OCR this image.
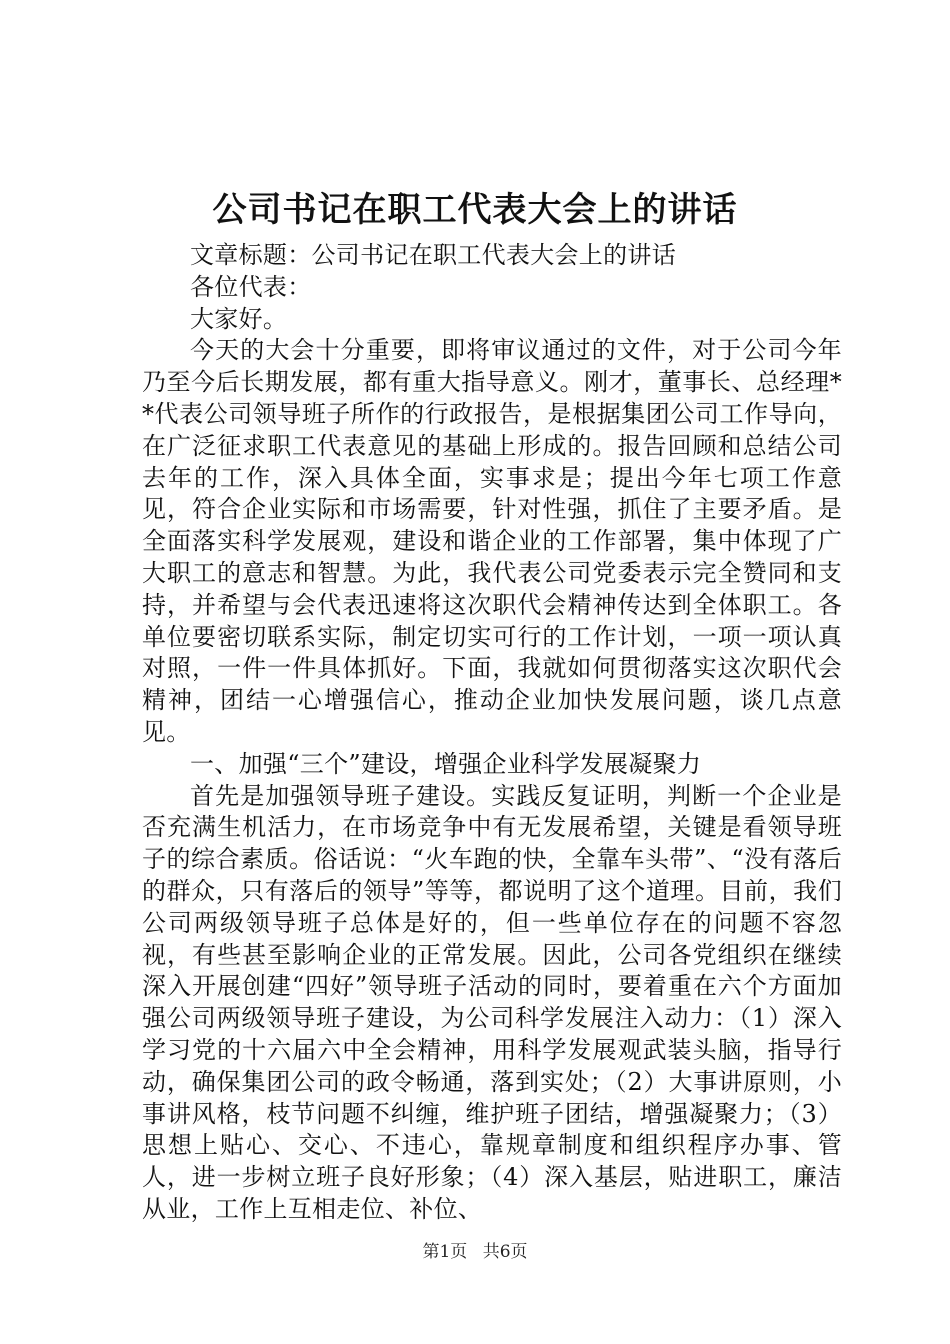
公司书记在职工代表大会上的讲话

文章标题：公司书记在职工代表大会上的讲话

各位代表：

大家好。

今天的大会十分重要，即将审议通过的文件，对于公司今年乃至今后长期发展，都有重大指导意义。刚才，董事长、总经理**代表公司领导班子所作的行政报告，是根据集团公司工作导向，在广泛征求职工代表意见的基础上形成的。报告回顾和总结公司去年的工作，深入具体全面，实事求是；提出今年七项工作意见，符合企业实际和市场需要，针对性强，抓住了主要矛盾。是全面落实科学发展观，建设和谐企业的工作部署，集中体现了广大职工的意志和智慧。为此，我代表公司党委表示完全赞同和支持，并希望与会代表迅速将这次职代会精神传达到全体职工。各单位要密切联系实际，制定切实可行的工作计划，一项一项认真对照，一件一件具体抓好。下面，我就如何贯彻落实这次职代会精神，团结一心增强信心，推动企业加快发展问题，谈几点意见。

一、加强“三个”建设，增强企业科学发展凝聚力

首先是加强领导班子建设。实践反复证明，判断一个企业是否充满生机活力，在市场竞争中有无发展希望，关键是看领导班子的综合素质。俗话说：“火车跑的快，全靠车头带”、“没有落后的群众，只有落后的领导”等等，都说明了这个道理。目前，我们公司两级领导班子总体是好的，但一些单位存在的问题不容忽视，有些甚至影响企业的正常发展。因此，公司各党组织在继续深入开展创建“四好”领导班子活动的同时，要着重在六个方面加强公司两级领导班子建设，为公司科学发展注入动力：（1）深入学习党的十六届六中全会精神，用科学发展观武装头脑，指导行动，确保集团公司的政令畅通，落到实处；（2）大事讲原则，小事讲风格，枝节问题不纠缠，维护班子团结，增强凝聚力；（3）思想上贴心、交心、不违心，靠规章制度和组织程序办事、管人，进一步树立班子良好形象；（4）深入基层，贴进职工，廉洁从业，工作上互相走位、补位、

第1页 共6页
